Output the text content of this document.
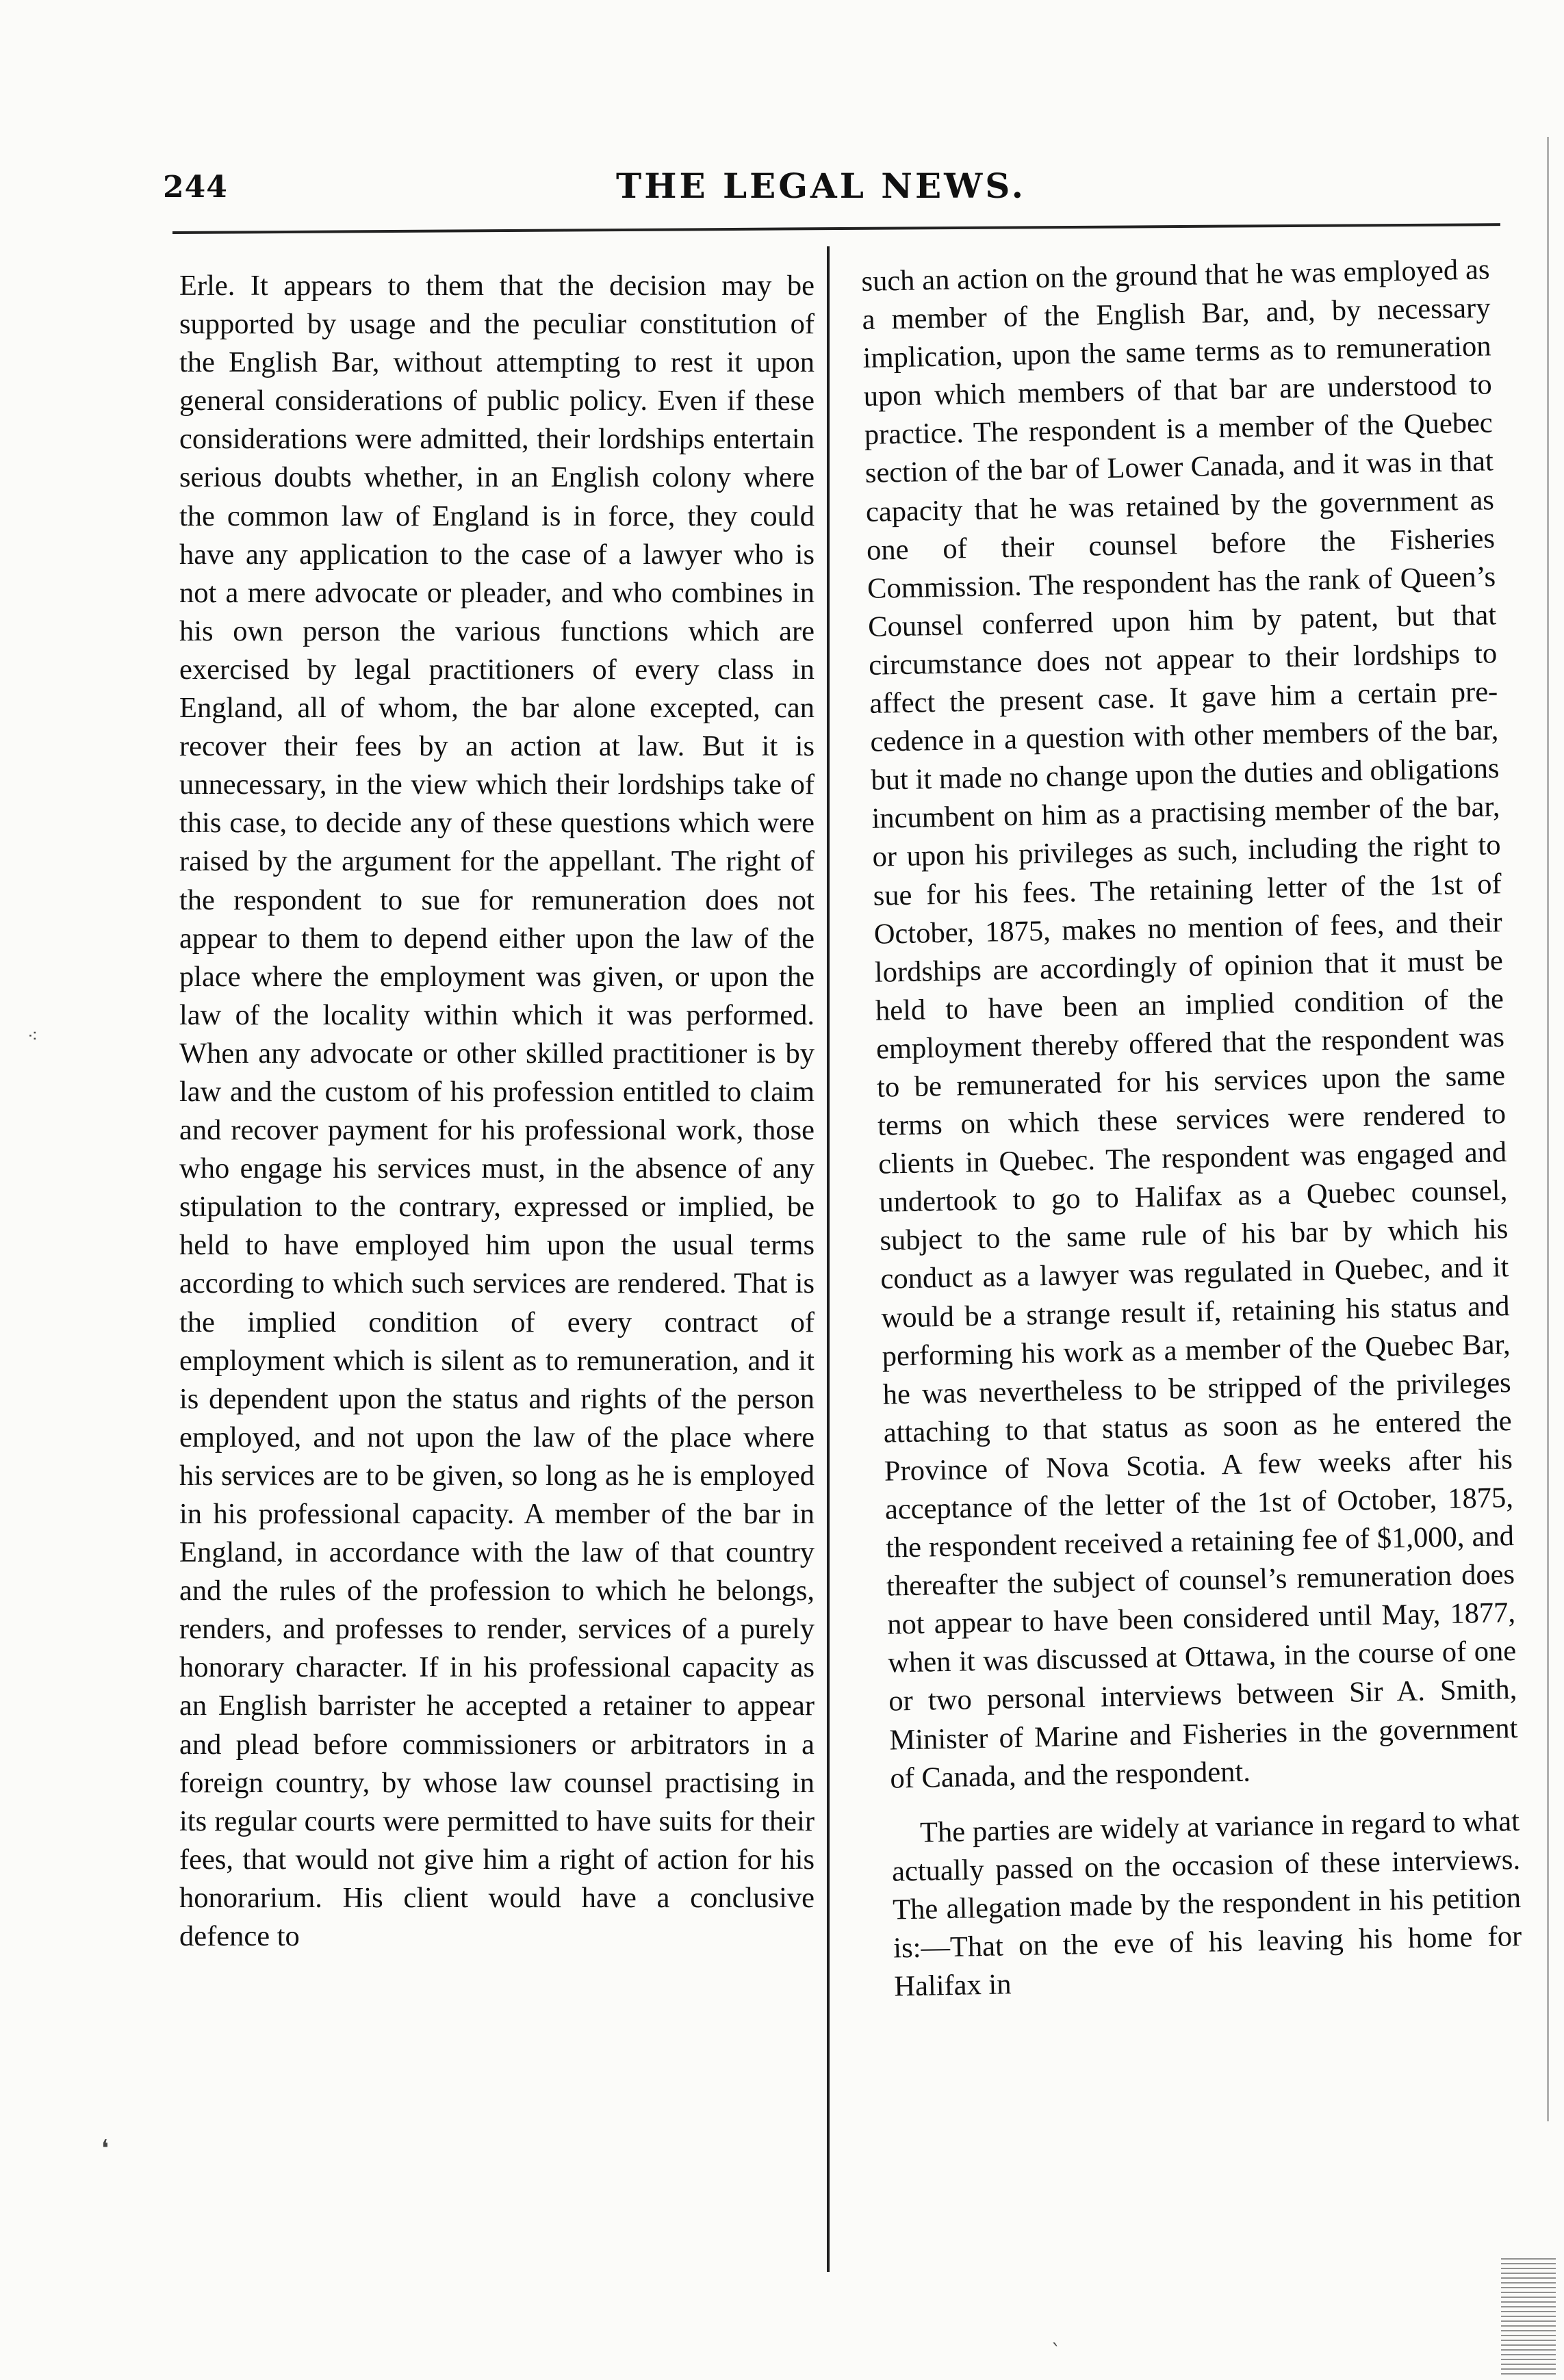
244	THE LEGAL NEWS.

Erle. It appears to them that the decision may be supported by usage and the peculiar constitution of the English Bar, without attempting to rest it upon general considerations of public policy. Even if these considerations were admitted, their lordships entertain serious doubts whether, in an English colony where the common law of England is in force, they could have any application to the case of a lawyer who is not a mere advocate or pleader, and who combines in his own person the various functions which are exercised by legal practitioners of every class in England, all of whom, the bar alone excepted, can recover their fees by an action at law. But it is unnecessary, in the view which their lordships take of this case, to decide any of these questions which were raised by the argument for the appellant. The right of the respondent to sue for remuneration does not appear to them to depend either upon the law of the place where the employment was given, or upon the law of the locality within which it was performed. When any advocate or other skilled practitioner is by law and the custom of his profession entitled to claim and recover payment for his professional work, those who engage his services must, in the absence of any stipulation to the contrary, expressed or implied, be held to have employed him upon the usual terms according to which such services are rendered. That is the implied condition of every contract of employment which is silent as to remuneration, and it is dependent upon the status and rights of the person employed, and not upon the law of the place where his services are to be given, so long as he is employed in his professional capacity. A member of the bar in England, in accordance with the law of that country and the rules of the profession to which he belongs, renders, and professes to render, services of a purely honorary character. If in his professional capacity as an English barrister he accepted a retainer to appear and plead before commissioners or arbitrators in a foreign country, by whose law counsel practising in its regular courts were permitted to have suits for their fees, that would not give him a right of action for his honorarium. His client would have a conclusive defence to

such an action on the ground that he was employed as a member of the English Bar, and, by necessary implication, upon the same terms as to remuneration upon which members of that bar are understood to practice. The respondent is a member of the Quebec section of the bar of Lower Canada, and it was in that capacity that he was retained by the government as one of their counsel before the Fisheries Commission. The respondent has the rank of Queen’s Counsel conferred upon him by patent, but that circumstance does not appear to their lordships to affect the present case. It gave him a certain precedence in a question with other members of the bar, but it made no change upon the duties and obligations incumbent on him as a practising member of the bar, or upon his privileges as such, including the right to sue for his fees. The retaining letter of the 1st of October, 1875, makes no mention of fees, and their lordships are accordingly of opinion that it must be held to have been an implied condition of the employment thereby offered that the respondent was to be remunerated for his services upon the same terms on which these services were rendered to clients in Quebec. The respondent was engaged and undertook to go to Halifax as a Quebec counsel, subject to the same rule of his bar by which his conduct as a lawyer was regulated in Quebec, and it would be a strange result if, retaining his status and performing his work as a member of the Quebec Bar, he was nevertheless to be stripped of the privileges attaching to that status as soon as he entered the Province of Nova Scotia. A few weeks after his acceptance of the letter of the 1st of October, 1875, the respondent received a retaining fee of $1,000, and thereafter the subject of counsel’s remuneration does not appear to have been considered until May, 1877, when it was discussed at Ottawa, in the course of one or two personal interviews between Sir A. Smith, Minister of Marine and Fisheries in the government of Canada, and the respondent.

The parties are widely at variance in regard to what actually passed on the occasion of these interviews. The allegation made by the respondent in his petition is:—That on the eve of his leaving his home for Halifax in

⁖
❛
ˋ
